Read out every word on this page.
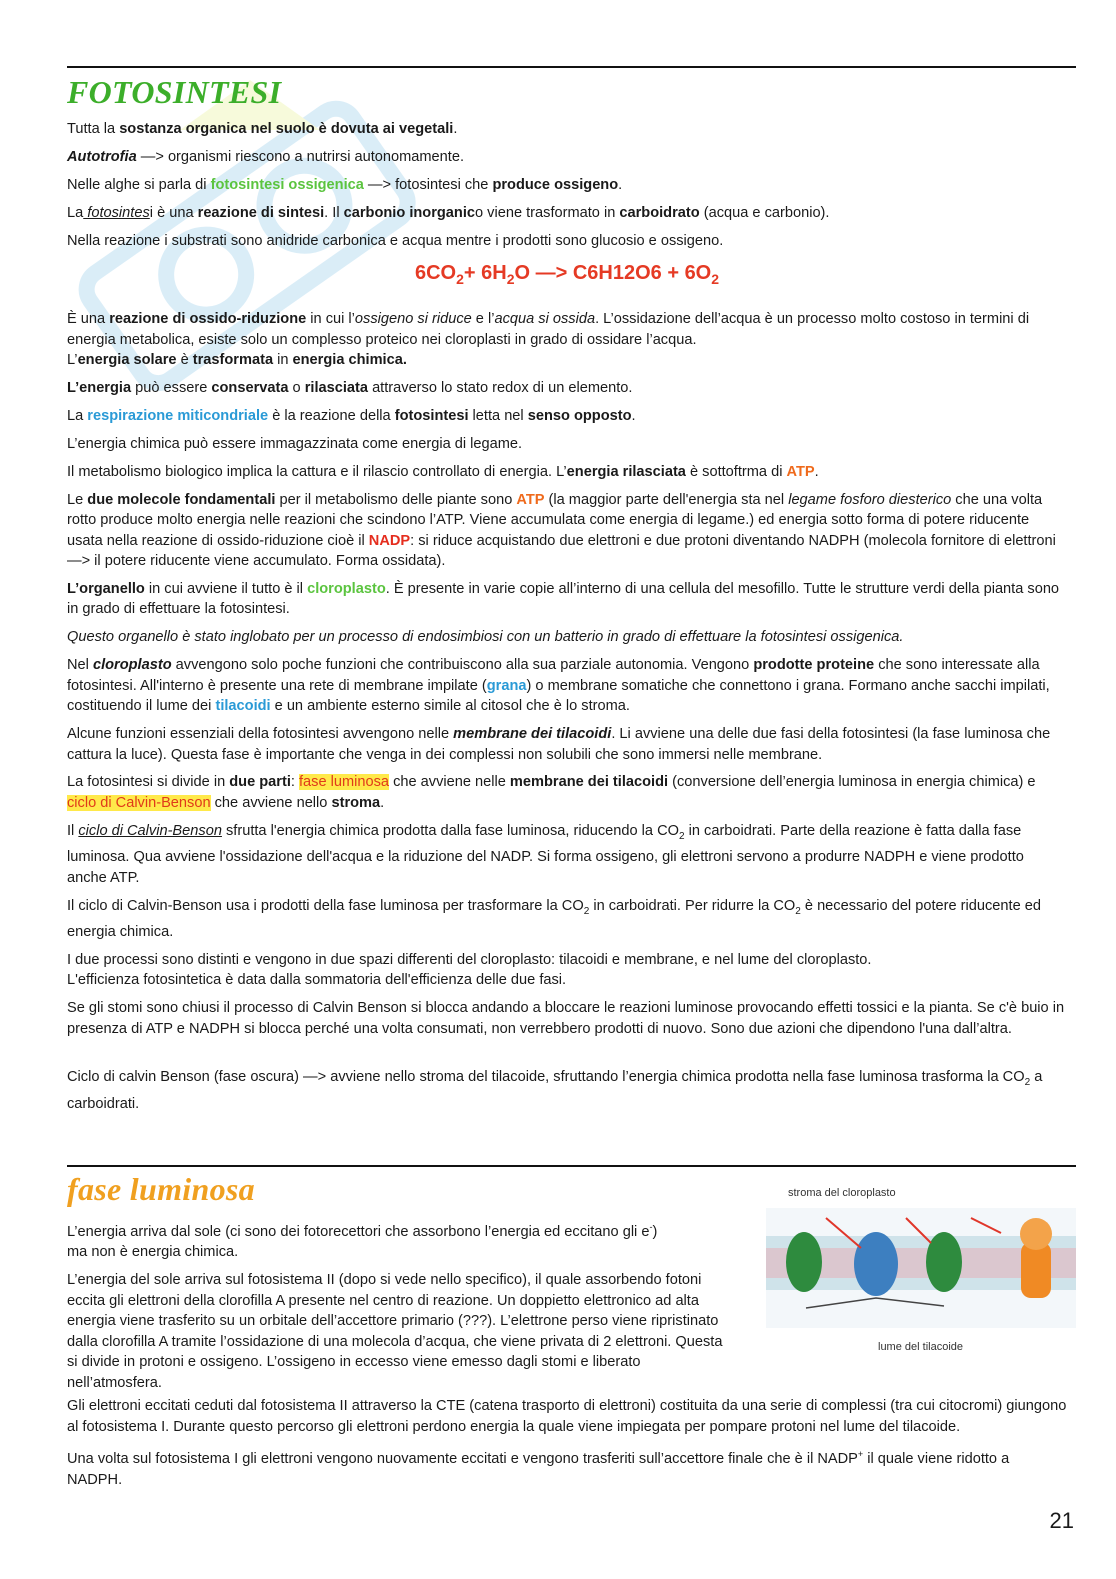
FOTOSINTESI

Tutta la sostanza organica nel suolo è dovuta ai vegetali.

Autotrofia —> organismi riescono a nutrirsi autonomamente.

Nelle alghe si parla di fotosintesi ossigenica —> fotosintesi che produce ossigeno.

La fotosintesi è una reazione di sintesi. Il carbonio inorganico viene trasformato in carboidrato (acqua e carbonio).

Nella reazione i substrati sono anidride carbonica e acqua mentre i prodotti sono glucosio e ossigeno.

$6CO_2+ 6H_2O$ —> $C6H12O6 + 6O_2$

È una reazione di ossido-riduzione in cui l’ossigeno si riduce e l’acqua si ossida. L’ossidazione dell’acqua è un processo molto costoso in termini di energia metabolica, esiste solo un complesso proteico nei cloroplasti in grado di ossidare l’acqua.

L’energia solare è trasformata in energia chimica.

L’energia può essere conservata o rilasciata attraverso lo stato redox di un elemento.

La respirazione miticondriale è la reazione della fotosintesi letta nel senso opposto.

L’energia chimica può essere immagazzinata come energia di legame.

Il metabolismo biologico implica la cattura e il rilascio controllato di energia. L’energia rilasciata è sottoftrma di ATP.

Le due molecole fondamentali per il metabolismo delle piante sono ATP (la maggior parte dell'energia sta nel legame fosforo diesterico che una volta rotto produce molto energia nelle reazioni che scindono l’ATP. Viene accumulata come energia di legame.) ed energia sotto forma di potere riducente usata nella reazione di ossido-riduzione cioè il NADP: si riduce acquistando due elettroni e due protoni diventando NADPH (molecola fornitore di elettroni —> il potere riducente viene accumulato. Forma ossidata).

L’organello in cui avviene il tutto è il cloroplasto. È presente in varie copie all’interno di una cellula del mesofillo. Tutte le strutture verdi della pianta sono in grado di effettuare la fotosintesi.

Questo organello è stato inglobato per un processo di endosimbiosi con un batterio in grado di effettuare la fotosintesi ossigenica.

Nel cloroplasto avvengono solo poche funzioni che contribuiscono alla sua parziale autonomia. Vengono prodotte proteine che sono interessate alla fotosintesi. All'interno è presente una rete di membrane impilate (grana) o membrane somatiche che connettono i grana. Formano anche sacchi impilati, costituendo il lume dei tilacoidi e un ambiente esterno simile al citosol che è lo stroma.

Alcune funzioni essenziali della fotosintesi avvengono nelle membrane dei tilacoidi. Li avviene una delle due fasi della fotosintesi (la fase luminosa che cattura la luce). Questa fase è importante che venga in dei complessi non solubili che sono immersi nelle membrane.

La fotosintesi si divide in due parti: fase luminosa che avviene nelle membrane dei tilacoidi (conversione dell’energia luminosa in energia chimica) e ciclo di Calvin-Benson che avviene nello stroma.

Il ciclo di Calvin-Benson sfrutta l'energia chimica prodotta dalla fase luminosa, riducendo la $CO_2$ in carboidrati. Parte della reazione è fatta dalla fase luminosa. Qua avviene l'ossidazione dell'acqua e la riduzione del NADP. Si forma ossigeno, gli elettroni servono a produrre NADPH e viene prodotto anche ATP.

Il ciclo di Calvin-Benson usa i prodotti della fase luminosa per trasformare la $CO_2$ in carboidrati. Per ridurre la $CO_2$ è necessario del potere riducente ed energia chimica.

I due processi sono distinti e vengono in due spazi differenti del cloroplasto: tilacoidi e membrane, e nel lume del cloroplasto.

L'efficienza fotosintetica è data dalla sommatoria dell'efficienza delle due fasi.

Se gli stomi sono chiusi il processo di Calvin Benson si blocca andando a bloccare le reazioni luminose provocando effetti tossici e la pianta. Se c'è buio in presenza di ATP e NADPH si blocca perché una volta consumati, non verrebbero prodotti di nuovo. Sono due azioni che dipendono l'una dall’altra.

Ciclo di calvin Benson (fase oscura) —> avviene nello stroma del tilacoide, sfruttando l’energia chimica prodotta nella fase luminosa trasforma la $CO_2$ a carboidrati.

fase luminosa

L’energia arriva dal sole (ci sono dei fotorecettori che assorbono l’energia ed eccitano gli e-)

ma non è energia chimica.

L’energia del sole arriva sul fotosistema II (dopo si vede nello specifico), il quale assorbendo fotoni eccita gli elettroni della clorofilla A presente nel centro di reazione. Un doppietto elettronico ad alta energia viene trasferito su un orbitale dell’accettore primario (???). L’elettrone perso viene ripristinato dalla clorofilla A tramite l’ossidazione di una molecola d’acqua, che viene privata di 2 elettroni. Questa si divide in protoni e ossigeno. L’ossigeno in eccesso viene emesso dagli stomi e liberato nell’atmosfera.

stroma del cloroplasto
lume del tilacoide

Gli elettroni eccitati ceduti dal fotosistema II attraverso la CTE (catena trasporto di elettroni) costituita da una serie di complessi (tra cui citocromi) giungono al fotosistema I. Durante questo percorso gli elettroni perdono energia la quale viene impiegata per pompare protoni nel lume del tilacoide.

Una volta sul fotosistema I gli elettroni vengono nuovamente eccitati e vengono trasferiti sull’accettore finale che è il NADP+ il quale viene ridotto a NADPH.

21
